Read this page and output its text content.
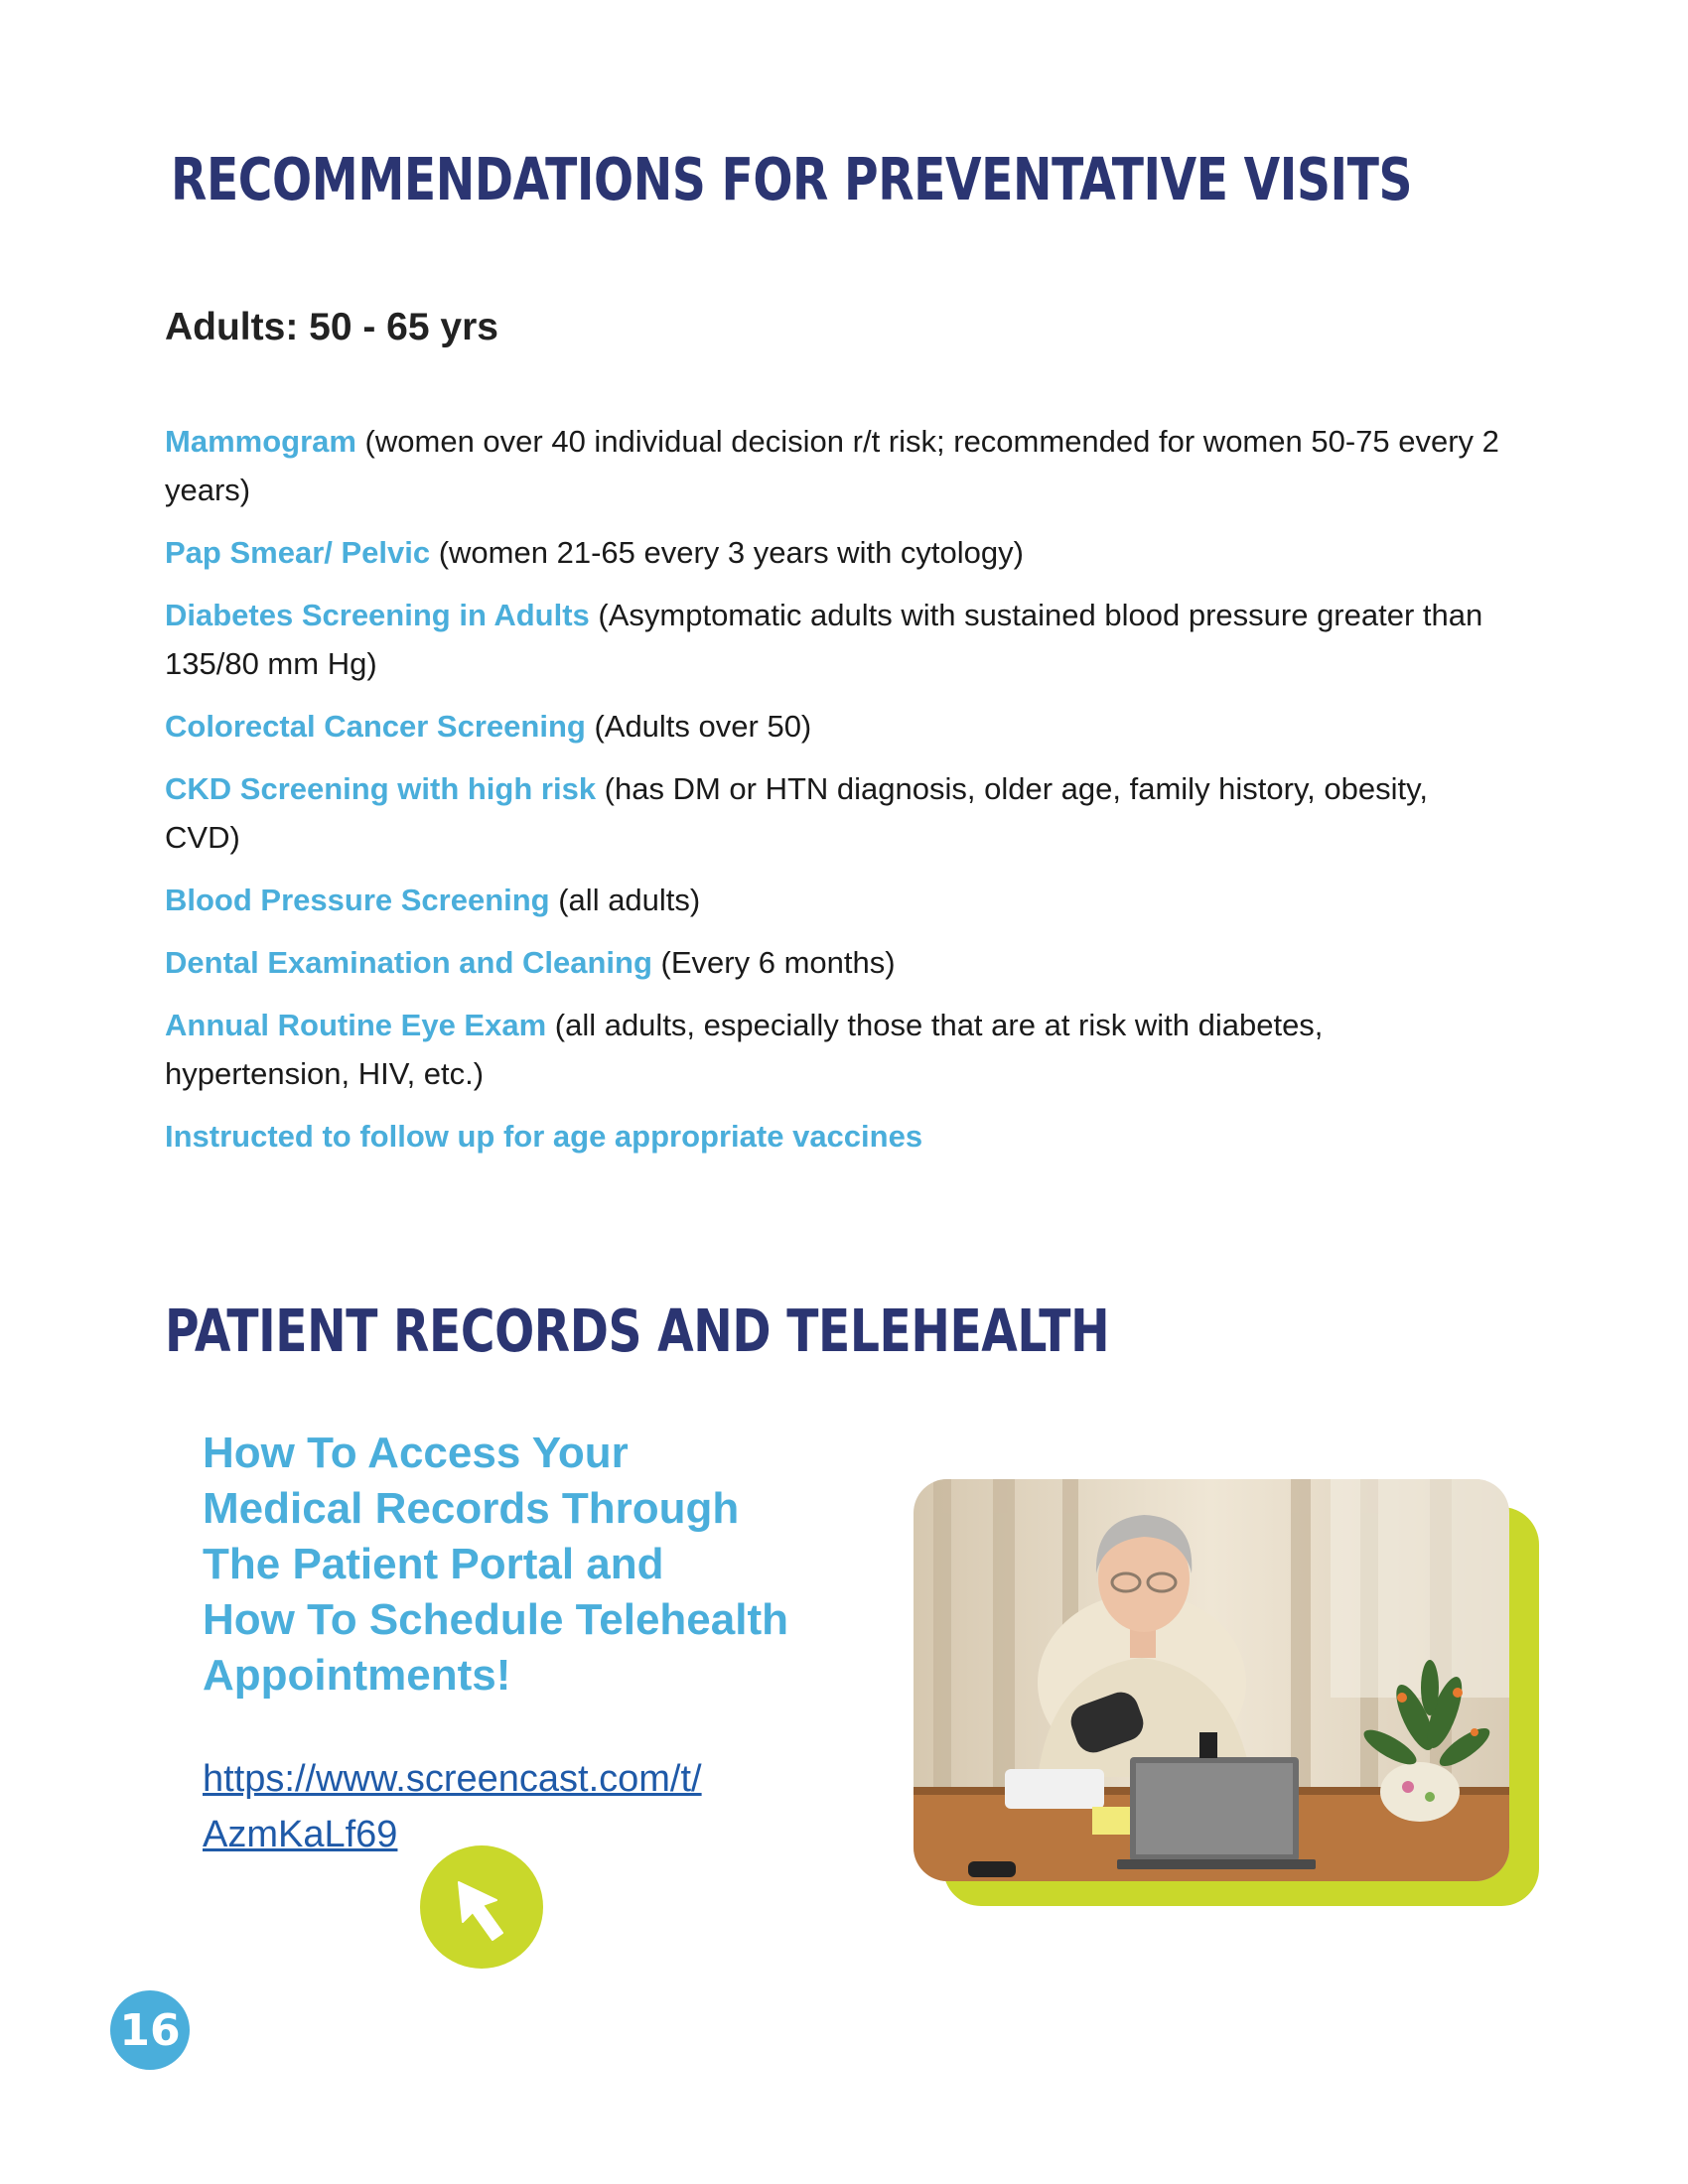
RECOMMENDATIONS FOR PREVENTATIVE VISITS
Adults: 50 - 65 yrs
Mammogram (women over 40 individual decision r/t risk; recommended for women 50-75 every 2 years)
Pap Smear/ Pelvic (women 21-65 every 3 years with cytology)
Diabetes Screening in Adults (Asymptomatic adults with sustained blood pressure greater than 135/80 mm Hg)
Colorectal Cancer Screening (Adults over 50)
CKD Screening with high risk (has DM or HTN diagnosis, older age, family history, obesity, CVD)
Blood Pressure Screening (all adults)
Dental Examination and Cleaning (Every 6 months)
Annual Routine Eye Exam (all adults, especially those that are at risk with diabetes, hypertension, HIV, etc.)
Instructed to follow up for age appropriate vaccines
PATIENT RECORDS AND TELEHEALTH
How To Access Your
Medical Records Through
The Patient Portal and
How To Schedule Telehealth
Appointments!
https://www.screencast.com/t/
AzmKaLf69
16
